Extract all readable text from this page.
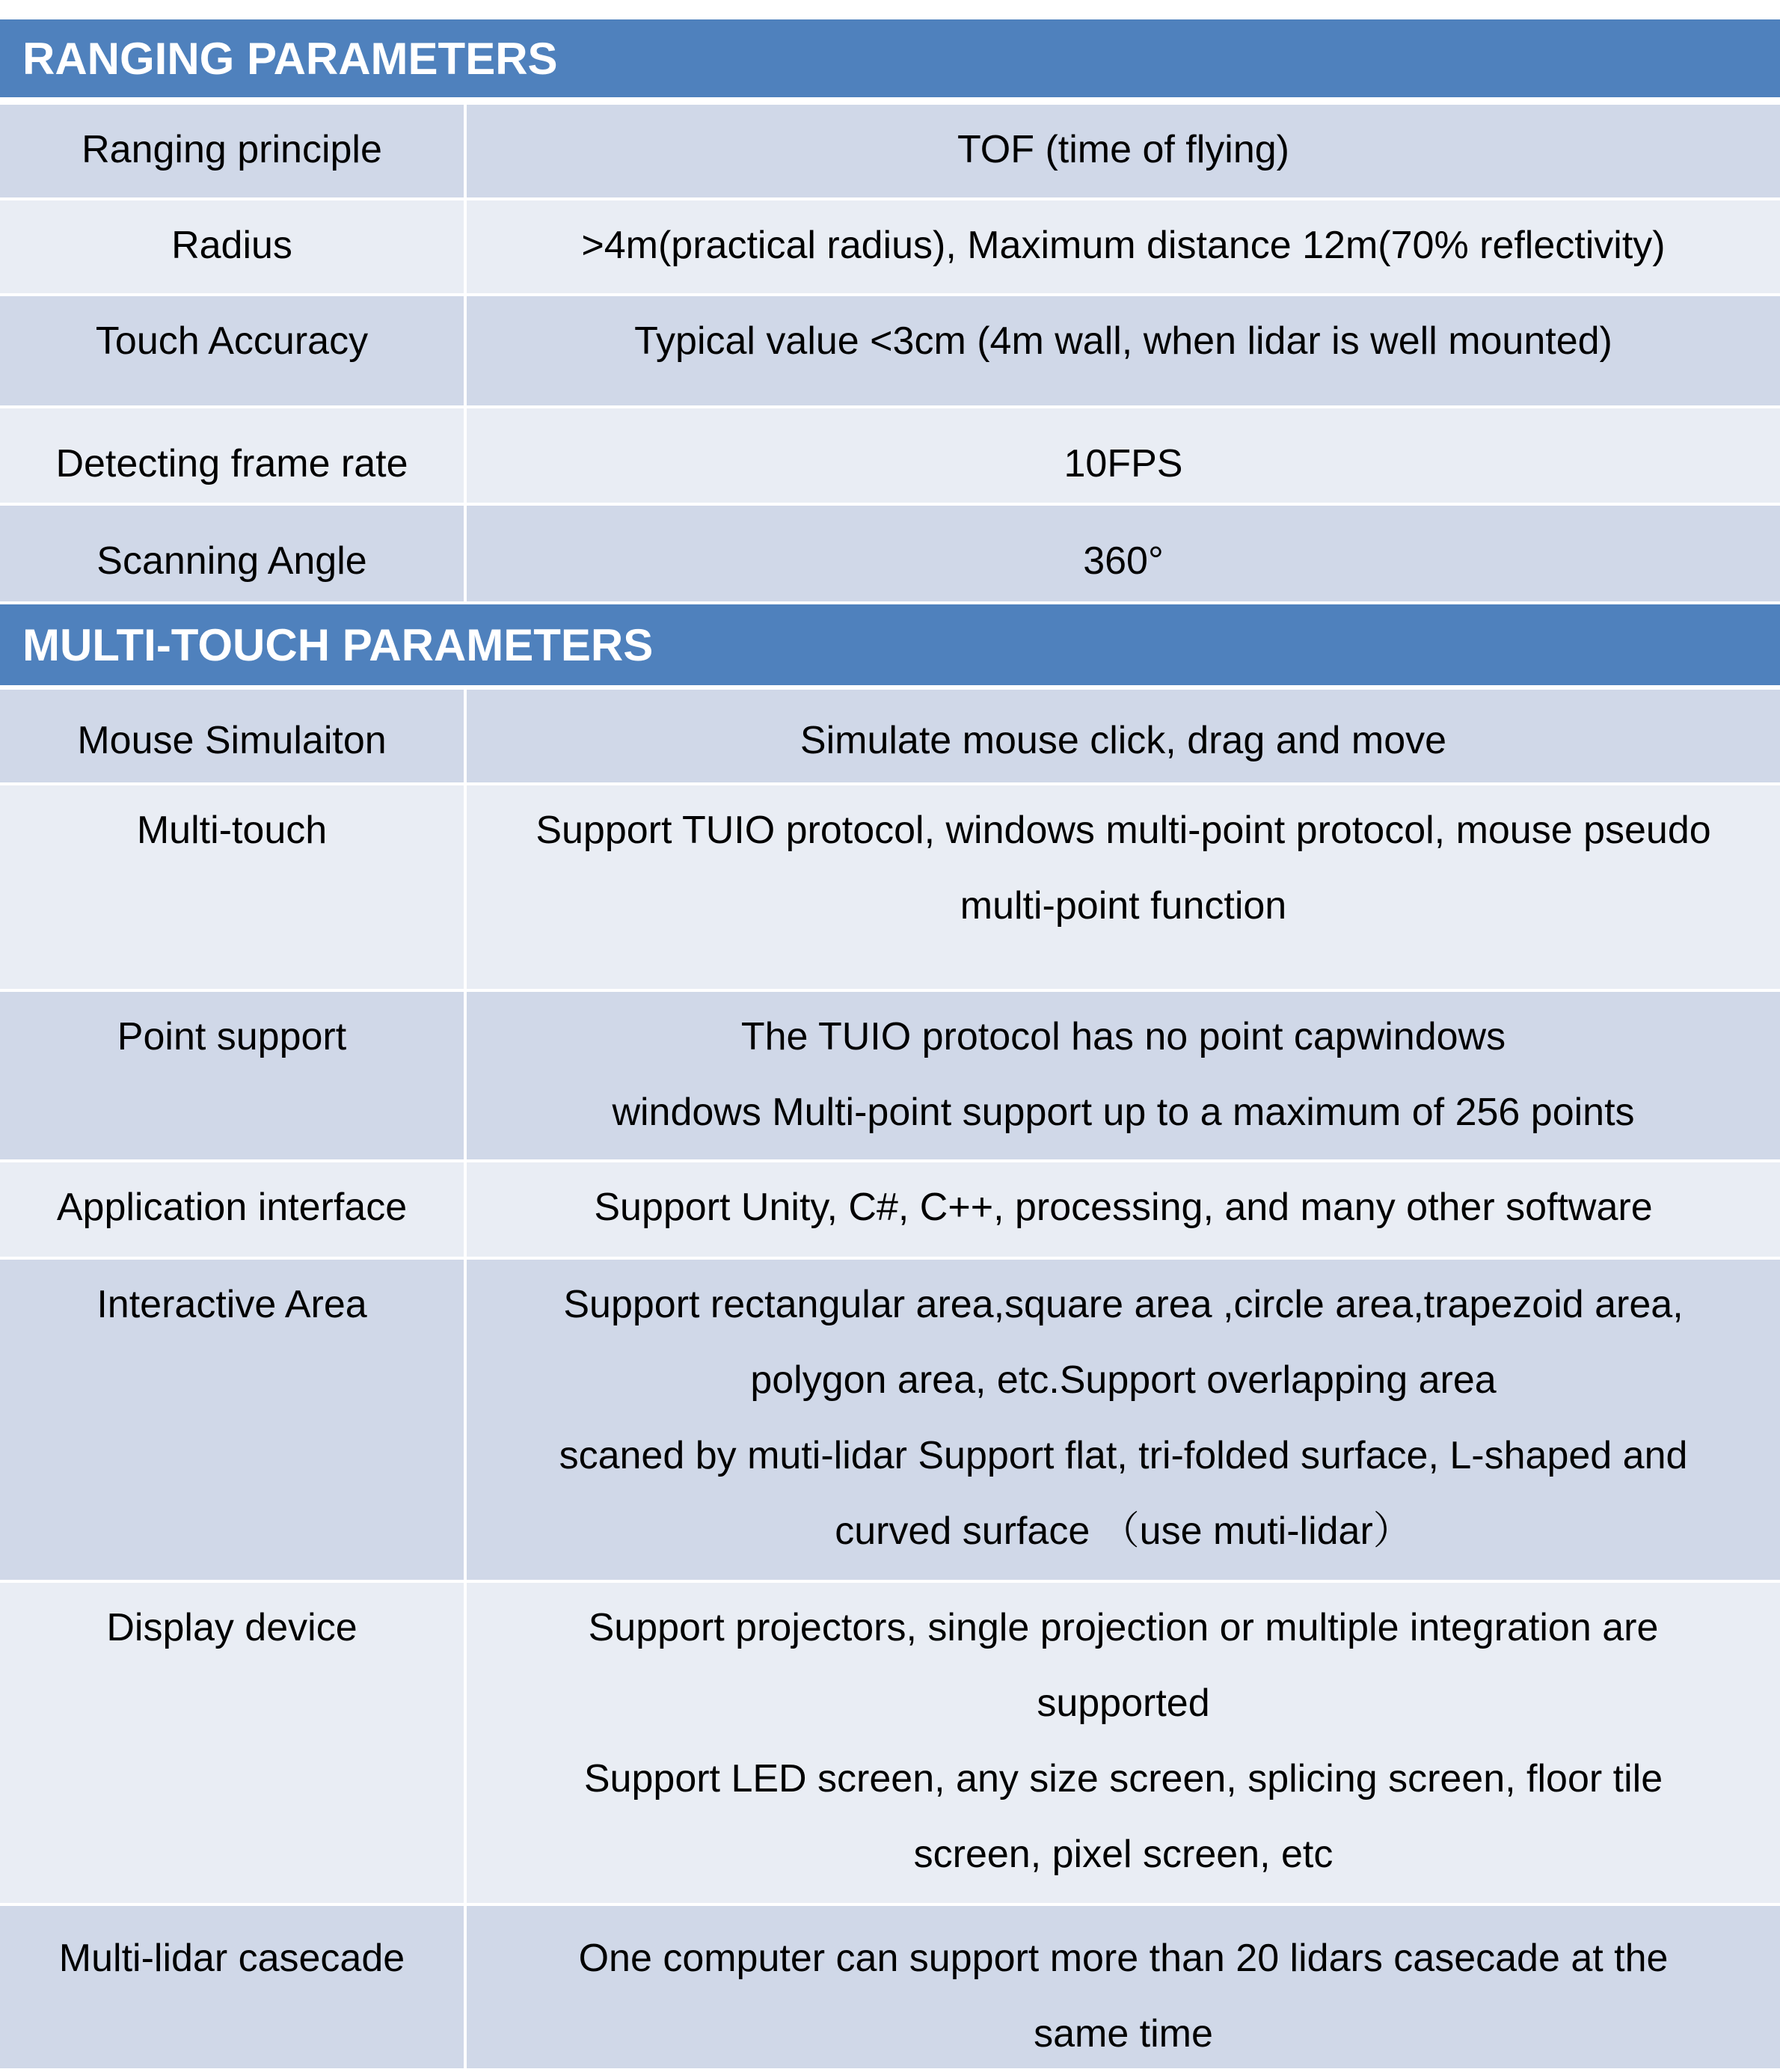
RANGING PARAMETERS
Ranging principle	TOF (time of flying)
Radius	>4m(practical radius), Maximum distance 12m(70% reflectivity)
Touch Accuracy	Typical value <3cm (4m wall, when lidar is well mounted)
Detecting frame rate	10FPS
Scanning Angle	360°
MULTI-TOUCH PARAMETERS
Mouse Simulaiton	Simulate mouse click, drag and move
Multi-touch	Support TUIO protocol, windows multi-point protocol, mouse pseudo
multi-point function
Point support	The TUIO protocol has no point capwindows
windows Multi-point support up to a maximum of 256 points
Application interface	Support Unity, C#, C++, processing, and many other software
Interactive Area	Support rectangular area,square area ,circle area,trapezoid area,
polygon area, etc.Support overlapping area
scaned by muti-lidar Support flat, tri-folded surface, L-shaped and
curved surface （use muti-lidar）
Display device	Support projectors, single projection or multiple integration are
supported
Support LED screen, any size screen, splicing screen, floor tile
screen, pixel screen, etc
Multi-lidar casecade	One computer can support more than 20 lidars casecade at the
same time
